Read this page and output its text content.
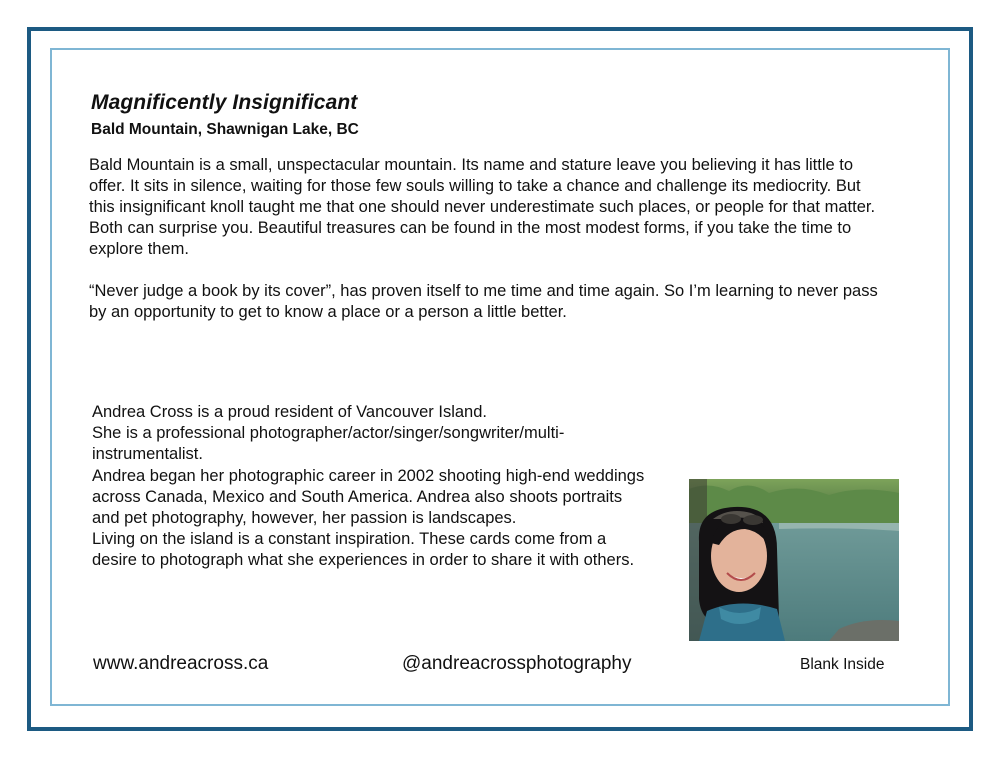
Magnificently Insignificant
Bald Mountain, Shawnigan Lake, BC

Bald Mountain is a small, unspectacular mountain. Its name and stature leave you believing it has little to offer. It sits in silence, waiting for those few souls willing to take a chance and challenge its mediocrity. But this insignificant knoll taught me that one should never underestimate such places, or people for that matter. Both can surprise you. Beautiful treasures can be found in the most modest forms, if you take the time to explore them.

“Never judge a book by its cover”, has proven itself to me time and time again. So I’m learning to never pass by an opportunity to get to know a place or a person a little better.

Andrea Cross is a proud resident of Vancouver Island.

She is a professional photographer/actor/singer/songwriter/multi-instrumentalist.

Andrea began her photographic career in 2002 shooting high-end weddings across Canada, Mexico and South America. Andrea also shoots portraits and pet photography, however, her passion is landscapes.

Living on the island is a constant inspiration. These cards come from a desire to photograph what she experiences in order to share it with others.

www.andreacross.ca	@andreacrossphotography	Blank Inside
